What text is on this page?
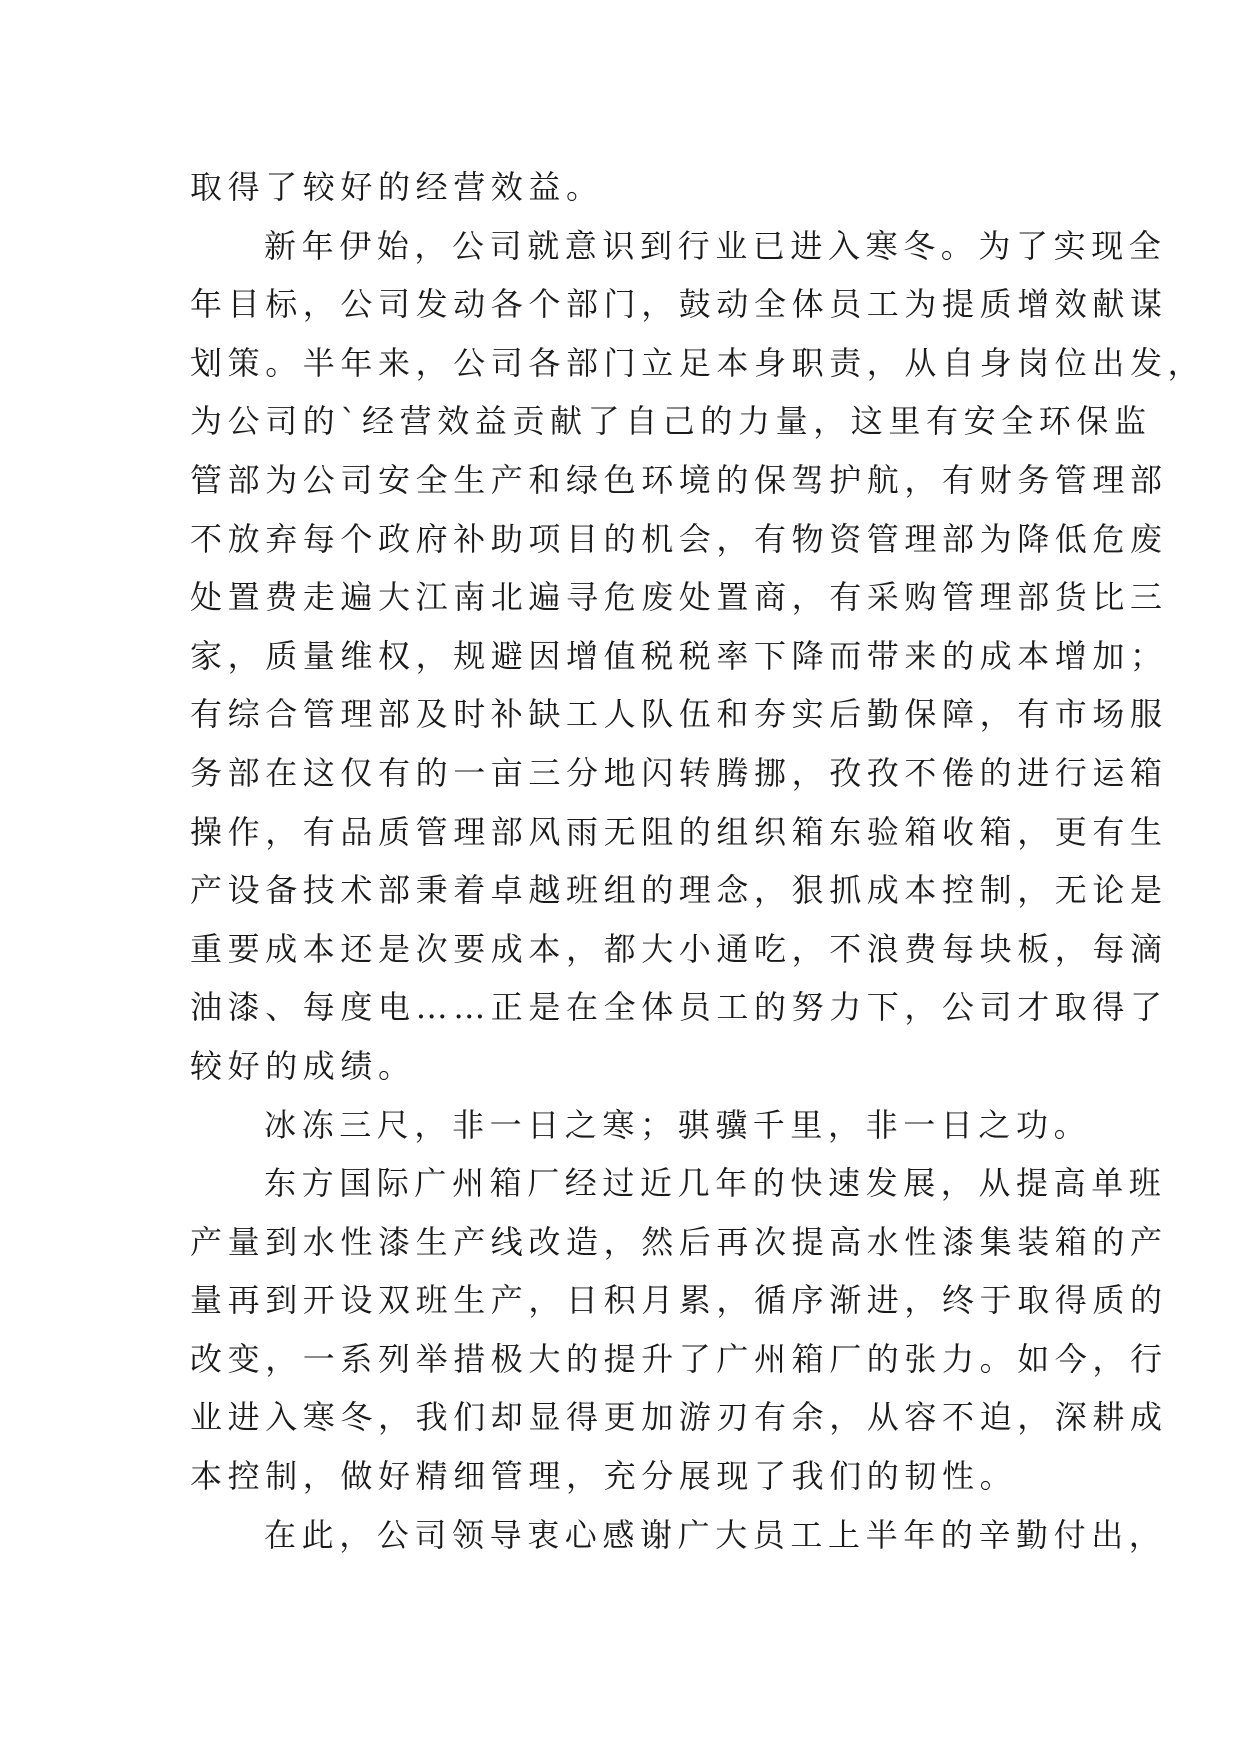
取得了较好的经营效益。
新年伊始，公司就意识到行业已进入寒冬。为了实现全
年目标，公司发动各个部门，鼓动全体员工为提质增效献谋
划策。半年来，公司各部门立足本身职责，从自身岗位出发，
为公司的`经营效益贡献了自己的力量，这里有安全环保监
管部为公司安全生产和绿色环境的保驾护航，有财务管理部
不放弃每个政府补助项目的机会，有物资管理部为降低危废
处置费走遍大江南北遍寻危废处置商，有采购管理部货比三
家，质量维权，规避因增值税税率下降而带来的成本增加；
有综合管理部及时补缺工人队伍和夯实后勤保障，有市场服
务部在这仅有的一亩三分地闪转腾挪，孜孜不倦的进行运箱
操作，有品质管理部风雨无阻的组织箱东验箱收箱，更有生
产设备技术部秉着卓越班组的理念，狠抓成本控制，无论是
重要成本还是次要成本，都大小通吃，不浪费每块板，每滴
油漆、每度电……正是在全体员工的努力下，公司才取得了
较好的成绩。
冰冻三尺，非一日之寒；骐骥千里，非一日之功。
东方国际广州箱厂经过近几年的快速发展，从提高单班
产量到水性漆生产线改造，然后再次提高水性漆集装箱的产
量再到开设双班生产，日积月累，循序渐进，终于取得质的
改变，一系列举措极大的提升了广州箱厂的张力。如今，行
业进入寒冬，我们却显得更加游刃有余，从容不迫，深耕成
本控制，做好精细管理，充分展现了我们的韧性。
在此，公司领导衷心感谢广大员工上半年的辛勤付出，
